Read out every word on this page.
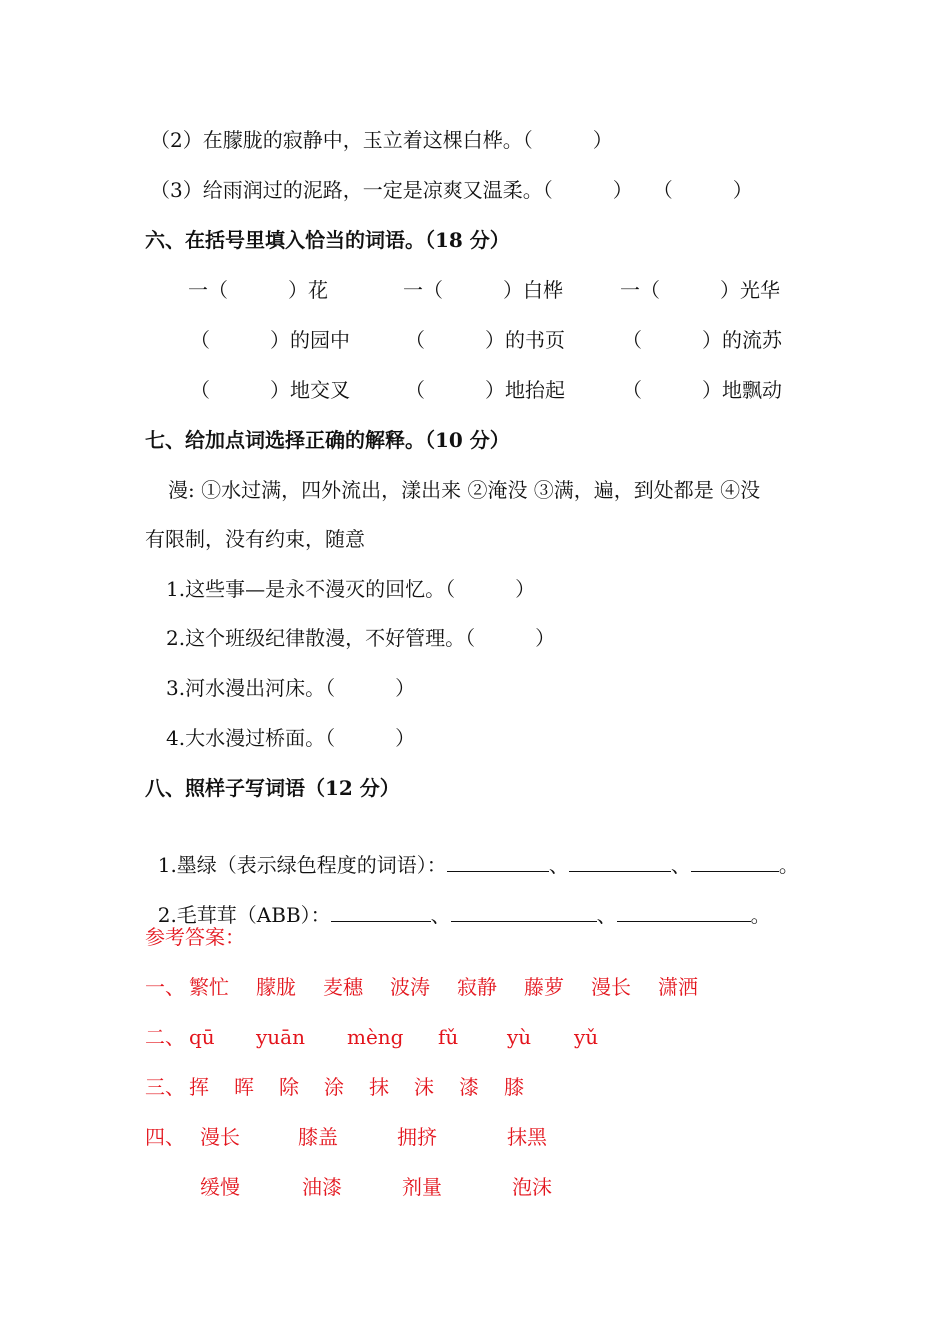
（2）在朦胧的寂静中，玉立着这棵白桦。（　　　）
（3）给雨润过的泥路，一定是凉爽又温柔。（　　　）　　（　　　）
六、在括号里填入恰当的词语。（18 分）
一（　　　）花	一（　　　）白桦	一（　　　）光华
（　　　）的园中	（　　　）的书页	（　　　）的流苏
（　　　）地交叉	（　　　）地抬起	（　　　）地飘动
七、给加点词选择正确的解释。（10 分）
漫: ①水过满，四外流出，漾出来 ②淹没 ③满，遍，到处都是 ④没
有限制，没有约束，随意
1.这些事—是永不漫灭的回忆。（　　　）
2.这个班级纪律散漫，不好管理。（　　　）
3.河水漫出河床。（　　　）
4.大水漫过桥面。（　　　）
八、照样子写词语（12 分）

1.墨绿（表示绿色程度的词语）：	、	、	。

2.毛茸茸（ABB）：	、	、	。

参考答案：
一、 繁忙 朦胧 麦穗 波涛 寂静 藤萝 漫长 潇洒
二、 qū yuān mèng fǔ yù yǔ
三、 挥 晖 除 涂 抹 沫 漆 膝
四、 漫长	膝盖	拥挤	抹黑
缓慢	油漆	剂量	泡沫
